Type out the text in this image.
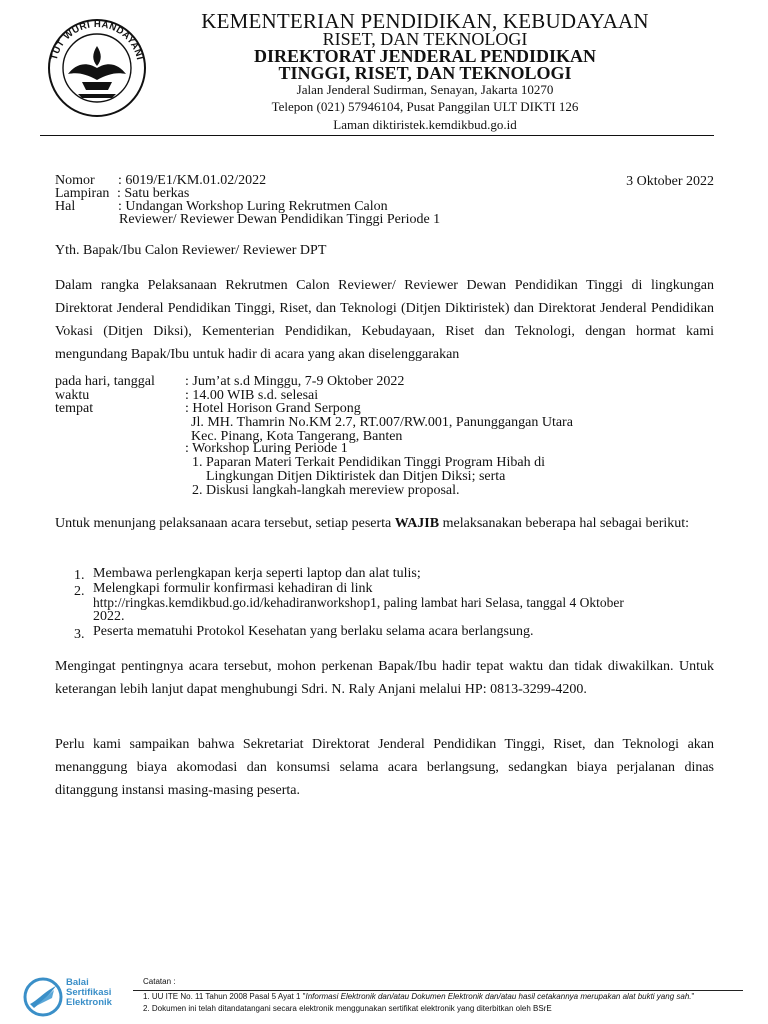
TUT WURI HANDAYANI
KEMENTERIAN PENDIDIKAN, KEBUDAYAAN
RISET, DAN TEKNOLOGI
DIREKTORAT JENDERAL PENDIDIKAN
TINGGI, RISET, DAN TEKNOLOGI
Jalan Jenderal Sudirman, Senayan, Jakarta 10270
Telepon (021) 57946104, Pusat Panggilan ULT DIKTI 126
Laman diktiristek.kemdikbud.go.id
Nomor : 6019/E1/KM.01.02/2022	3 Oktober 2022
Lampiran : Satu berkas
Hal	: Undangan Workshop Luring Rekrutmen Calon
Reviewer/ Reviewer Dewan Pendidikan Tinggi Periode 1
Yth. Bapak/Ibu Calon Reviewer/ Reviewer DPT
Dalam rangka Pelaksanaan Rekrutmen Calon Reviewer/ Reviewer Dewan Pendidikan Tinggi di lingkungan Direktorat Jenderal Pendidikan Tinggi, Riset, dan Teknologi (Ditjen Diktiristek) dan Direktorat Jenderal Pendidikan Vokasi (Ditjen Diksi), Kementerian Pendidikan, Kebudayaan, Riset dan Teknologi, dengan hormat kami mengundang Bapak/Ibu untuk hadir di acara yang akan diselenggarakan
pada hari, tanggal : Jum’at s.d Minggu, 7-9 Oktober 2022
waktu	: 14.00 WIB s.d. selesai
tempat	: Hotel Horison Grand Serpong
Jl. MH. Thamrin No.KM 2.7, RT.007/RW.001, Panunggangan Utara
Kec. Pinang, Kota Tangerang, Banten
: Workshop Luring Periode 1
1. Paparan Materi Terkait Pendidikan Tinggi Program Hibah di
Lingkungan Ditjen Diktiristek dan Ditjen Diksi; serta
2. Diskusi langkah-langkah mereview proposal.
Untuk menunjang pelaksanaan acara tersebut, setiap peserta WAJIB melaksanakan beberapa hal sebagai berikut:
1. Membawa perlengkapan kerja seperti laptop dan alat tulis;
2. Melengkapi formulir konfirmasi kehadiran di link
http://ringkas.kemdikbud.go.id/kehadiranworkshop1, paling lambat hari Selasa, tanggal 4 Oktober
2022.
3. Peserta mematuhi Protokol Kesehatan yang berlaku selama acara berlangsung.
Mengingat pentingnya acara tersebut, mohon perkenan Bapak/Ibu hadir tepat waktu dan tidak diwakilkan. Untuk keterangan lebih lanjut dapat menghubungi Sdri. N. Raly Anjani melalui HP: 0813-3299-4200.
Perlu kami sampaikan bahwa Sekretariat Direktorat Jenderal Pendidikan Tinggi, Riset, dan Teknologi akan menanggung biaya akomodasi dan konsumsi selama acara berlangsung, sedangkan biaya perjalanan dinas ditanggung instansi masing-masing peserta.
Balai
Sertifikasi
Elektronik
Catatan :
1. UU ITE No. 11 Tahun 2008 Pasal 5 Ayat 1 "Informasi Elektronik dan/atau Dokumen Elektronik dan/atau hasil cetakannya merupakan alat bukti yang sah."
2. Dokumen ini telah ditandatangani secara elektronik menggunakan sertifikat elektronik yang diterbitkan oleh BSrE
